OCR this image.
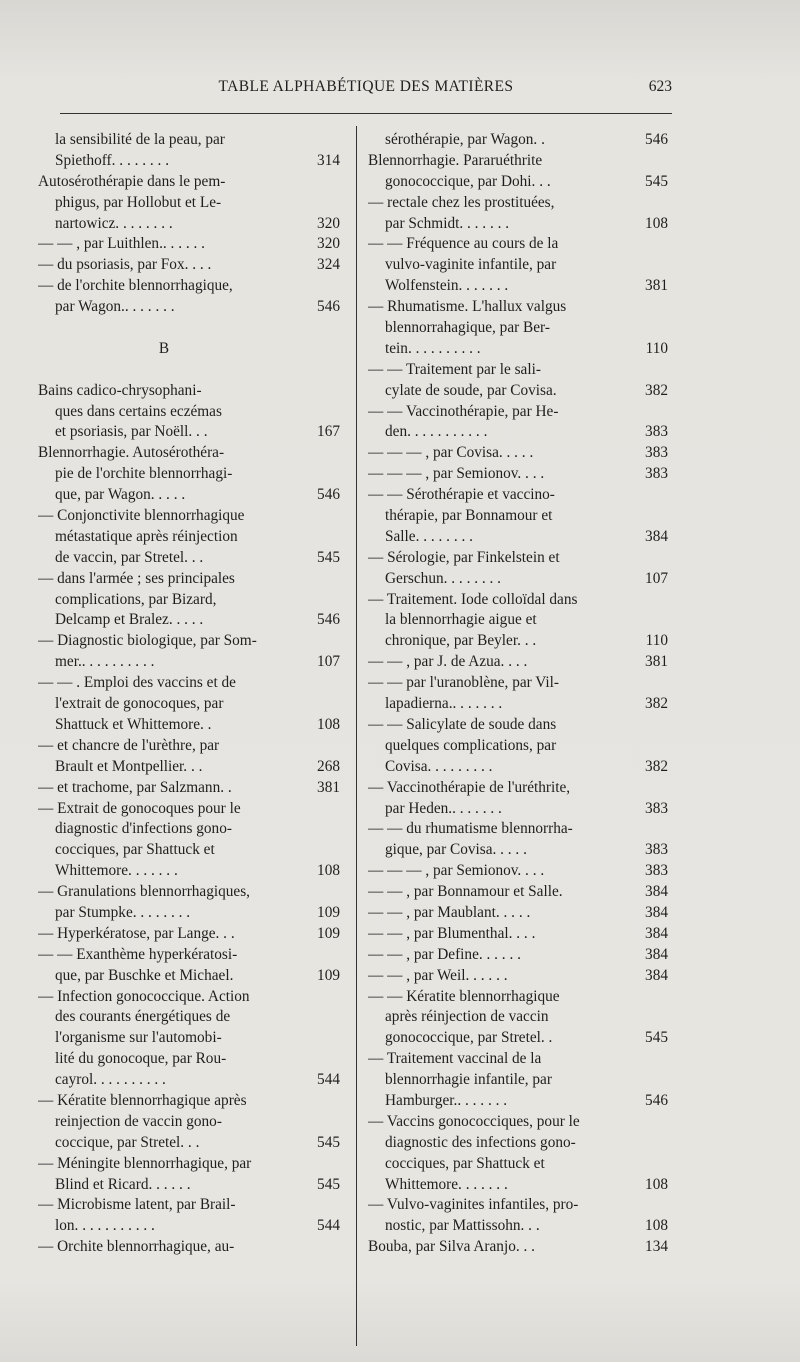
TABLE ALPHABÉTIQUE DES MATIÈRES	623
la sensibilité de la peau, par
Spiethoff. . . . . . . .
Autosérothérapie dans le pem-
phigus, par Hollobut et Le-
nartowicz. . . . . . . .
— — , par Luithlen.. . . . . .
— du psoriasis, par Fox. . . .
— de l'orchite blennorrhagique,
par Wagon.. . . . . . .
B
Bains cadico-chrysophani-
ques dans certains eczémas
et psoriasis, par Noëll. . .
Blennorrhagie. Autosérothéra-
pie de l'orchite blennorrhagi-
que, par Wagon. . . . .
— Conjonctivite blennorrhagique
métastatique après réinjection
de vaccin, par Stretel. . .
— dans l'armée ; ses principales
complications, par Bizard,
Delcamp et Bralez. . . . .
— Diagnostic biologique, par Som-
mer.. . . . . . . . . .
— — . Emploi des vaccins et de
l'extrait de gonocoques, par
Shattuck et Whittemore. .
— et chancre de l'urèthre, par
Brault et Montpellier. . .
— et trachome, par Salzmann. .
— Extrait de gonocoques pour le
diagnostic d'infections gono-
cocciques, par Shattuck et
Whittemore. . . . . . .
— Granulations blennorrhagiques,
par Stumpke. . . . . . . .
— Hyperkératose, par Lange. . .
— — Exanthème hyperkératosi-
que, par Buschke et Michael.
— Infection gonococcique. Action
des courants énergétiques de
l'organisme sur l'automobi-
lité du gonocoque, par Rou-
cayrol. . . . . . . . . .
— Kératite blennorrhagique après
reinjection de vaccin gono-
coccique, par Stretel. . .
— Méningite blennorrhagique, par
Blind et Ricard. . . . . .
— Microbisme latent, par Brail-
lon. . . . . . . . . . .
— Orchite blennorrhagique, au-
314
320
320
324
546
167
546
545
546
107
108
268
381
108
109
109
109
544
545
545
544
sérothérapie, par Wagon. .
Blennorrhagie. Pararuéthrite
gonococcique, par Dohi. . .
— rectale chez les prostituées,
par Schmidt. . . . . . .
— — Fréquence au cours de la
vulvo-vaginite infantile, par
Wolfenstein. . . . . . .
— Rhumatisme. L'hallux valgus
blennorrahagique, par Ber-
tein. . . . . . . . . .
— — Traitement par le sali-
cylate de soude, par Covisa.
— — Vaccinothérapie, par He-
den. . . . . . . . . . .
— — — , par Covisa. . . . .
— — — , par Semionov. . . .
— — Sérothérapie et vaccino-
thérapie, par Bonnamour et
Salle. . . . . . . .
— Sérologie, par Finkelstein et
Gerschun. . . . . . . .
— Traitement. Iode colloïdal dans
la blennorrhagie aigue et
chronique, par Beyler. . .
— — , par J. de Azua. . . .
— — par l'uranoblène, par Vil-
lapadierna.. . . . . . .
— — Salicylate de soude dans
quelques complications, par
Covisa. . . . . . . . .
— Vaccinothérapie de l'uréthrite,
par Heden.. . . . . . .
— — du rhumatisme blennorrha-
gique, par Covisa. . . . .
— — — , par Semionov. . . .
— — , par Bonnamour et Salle.
— — , par Maublant. . . . .
— — , par Blumenthal. . . .
— — , par Define. . . . . .
— — , par Weil. . . . . .
— — Kératite blennorrhagique
après réinjection de vaccin
gonococcique, par Stretel. .
— Traitement vaccinal de la
blennorrhagie infantile, par
Hamburger.. . . . . . .
— Vaccins gonococciques, pour le
diagnostic des infections gono-
cocciques, par Shattuck et
Whittemore. . . . . . .
— Vulvo-vaginites infantiles, pro-
nostic, par Mattissohn. . .
Bouba, par Silva Aranjo. . .
546
545
108
381
110
382
383
383
383
384
107
110
381
382
382
383
383
383
384
384
384
384
384
545
546
108
108
134
